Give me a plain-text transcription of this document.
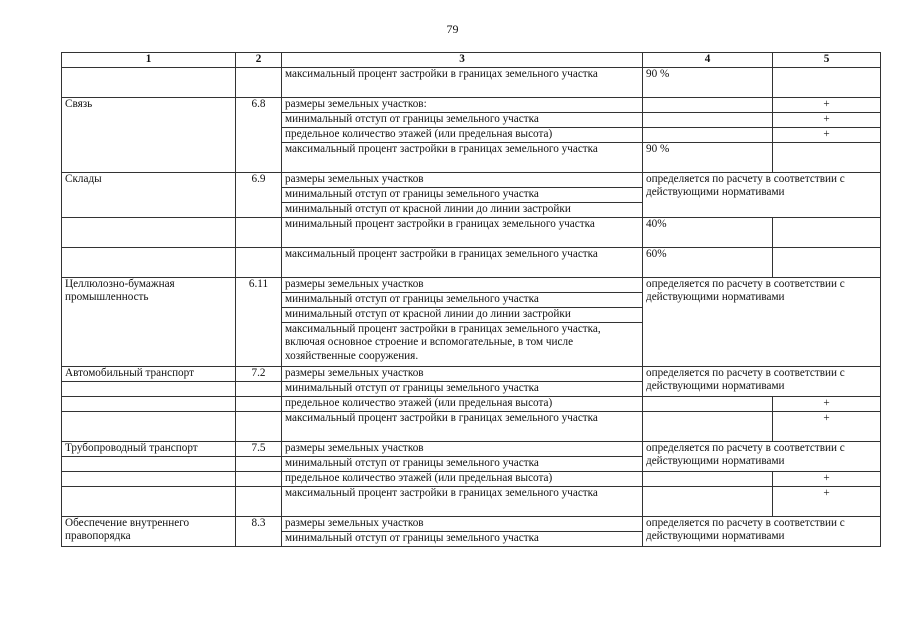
79
1	2	3	4	5
		максимальный процент застройки в границах земельного участка	90 %	
Связь	6.8	размеры земельных участков:		+
		минимальный отступ от границы земельного участка		+
		предельное количество этажей (или предельная высота)		+
		максимальный процент застройки в границах земельного участка	90 %	
Склады	6.9	размеры земельных участков	определяется по расчету в соответствии с действующими нормативами	
		минимальный отступ от границы земельного участка		
		минимальный отступ от красной линии до линии застройки		
		минимальный процент застройки в границах земельного участка	40%	
		максимальный процент застройки в границах земельного участка	60%	
Целлюлозно-бумажная промышленность	6.11	размеры земельных участков	определяется по расчету в соответствии с действующими нормативами	
		минимальный отступ от границы земельного участка		
		минимальный отступ от красной линии до линии застройки		
		максимальный процент застройки в границах земельного участка, включая основное строение и вспомогательные, в том числе хозяйственные сооружения.		
Автомобильный транспорт	7.2	размеры земельных участков	определяется по расчету в соответствии с действующими нормативами	
		минимальный отступ от границы земельного участка		
		предельное количество этажей (или предельная высота)		+
		максимальный процент застройки в границах земельного участка		+
Трубопроводный транспорт	7.5	размеры земельных участков	определяется по расчету в соответствии с действующими нормативами	
		минимальный отступ от границы земельного участка		
		предельное количество этажей (или предельная высота)		+
		максимальный процент застройки в границах земельного участка		+
Обеспечение внутреннего правопорядка	8.3	размеры земельных участков	определяется по расчету в соответствии с действующими нормативами	
		минимальный отступ от границы земельного участка		
